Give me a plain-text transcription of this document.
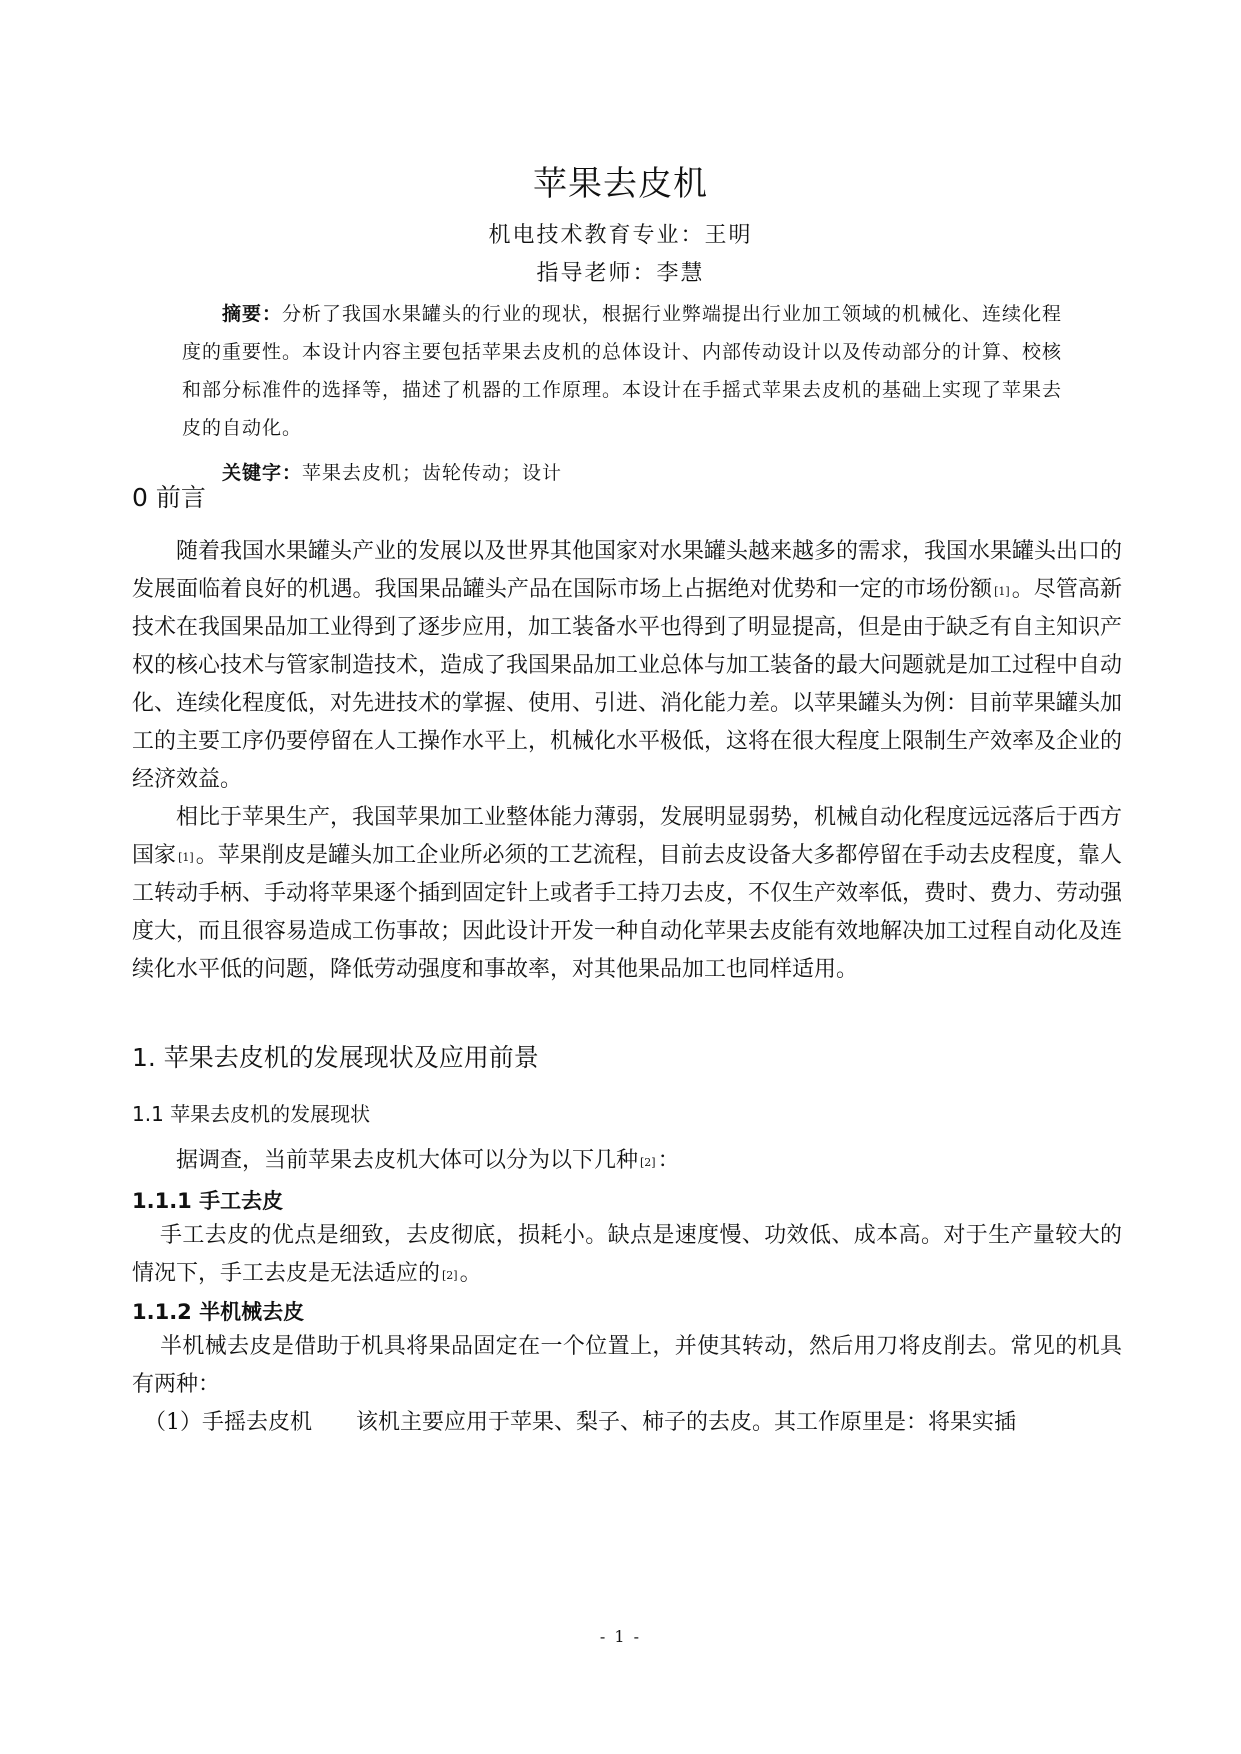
苹果去皮机
机电技术教育专业：王明
指导老师：李慧

摘要：分析了我国水果罐头的行业的现状，根据行业弊端提出行业加工领域的机械化、连续化程度的重要性。本设计内容主要包括苹果去皮机的总体设计、内部传动设计以及传动部分的计算、校核和部分标准件的选择等，描述了机器的工作原理。本设计在手摇式苹果去皮机的基础上实现了苹果去皮的自动化。

关键字：苹果去皮机；齿轮传动；设计
0 前言

随着我国水果罐头产业的发展以及世界其他国家对水果罐头越来越多的需求，我国水果罐头出口的发展面临着良好的机遇。我国果品罐头产品在国际市场上占据绝对优势和一定的市场份额 [1]。尽管高新技术在我国果品加工业得到了逐步应用，加工装备水平也得到了明显提高，但是由于缺乏有自主知识产权的核心技术与管家制造技术，造成了我国果品加工业总体与加工装备的最大问题就是加工过程中自动化、连续化程度低，对先进技术的掌握、使用、引进、消化能力差。以苹果罐头为例：目前苹果罐头加工的主要工序仍要停留在人工操作水平上，机械化水平极低，这将在很大程度上限制生产效率及企业的经济效益。

相比于苹果生产，我国苹果加工业整体能力薄弱，发展明显弱势，机械自动化程度远远落后于西方国家 [1]。苹果削皮是罐头加工企业所必须的工艺流程，目前去皮设备大多都停留在手动去皮程度，靠人工转动手柄、手动将苹果逐个插到固定针上或者手工持刀去皮，不仅生产效率低，费时、费力、劳动强度大，而且很容易造成工伤事故；因此设计开发一种自动化苹果去皮能有效地解决加工过程自动化及连续化水平低的问题，降低劳动强度和事故率，对其他果品加工也同样适用。

1. 苹果去皮机的发展现状及应用前景
1.1 苹果去皮机的发展现状

据调查，当前苹果去皮机大体可以分为以下几种 [2]：

1.1.1 手工去皮

手工去皮的优点是细致，去皮彻底，损耗小。缺点是速度慢、功效低、成本高。对于生产量较大的情况下，手工去皮是无法适应的 [2]。

1.1.2 半机械去皮

半机械去皮是借助于机具将果品固定在一个位置上，并使其转动，然后用刀将皮削去。常见的机具有两种：

（1）手摇去皮机　　该机主要应用于苹果、梨子、柿子的去皮。其工作原里是：将果实插

- 1 -
